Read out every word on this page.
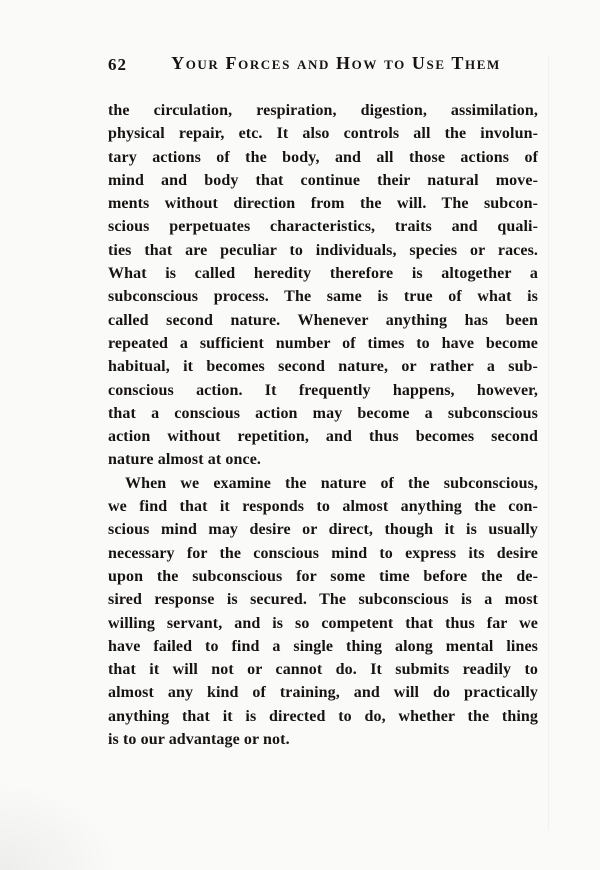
62 Your Forces and How to Use Them
the circulation, respiration, digestion, assimilation,
physical repair, etc. It also controls all the involun-
tary actions of the body, and all those actions of
mind and body that continue their natural move-
ments without direction from the will. The subcon-
scious perpetuates characteristics, traits and quali-
ties that are peculiar to individuals, species or races.
What is called heredity therefore is altogether a
subconscious process. The same is true of what is
called second nature. Whenever anything has been
repeated a sufficient number of times to have become
habitual, it becomes second nature, or rather a sub-
conscious action. It frequently happens, however,
that a conscious action may become a subconscious
action without repetition, and thus becomes second
nature almost at once.
When we examine the nature of the subconscious,
we find that it responds to almost anything the con-
scious mind may desire or direct, though it is usually
necessary for the conscious mind to express its desire
upon the subconscious for some time before the de-
sired response is secured. The subconscious is a most
willing servant, and is so competent that thus far we
have failed to find a single thing along mental lines
that it will not or cannot do. It submits readily to
almost any kind of training, and will do practically
anything that it is directed to do, whether the thing
is to our advantage or not.
